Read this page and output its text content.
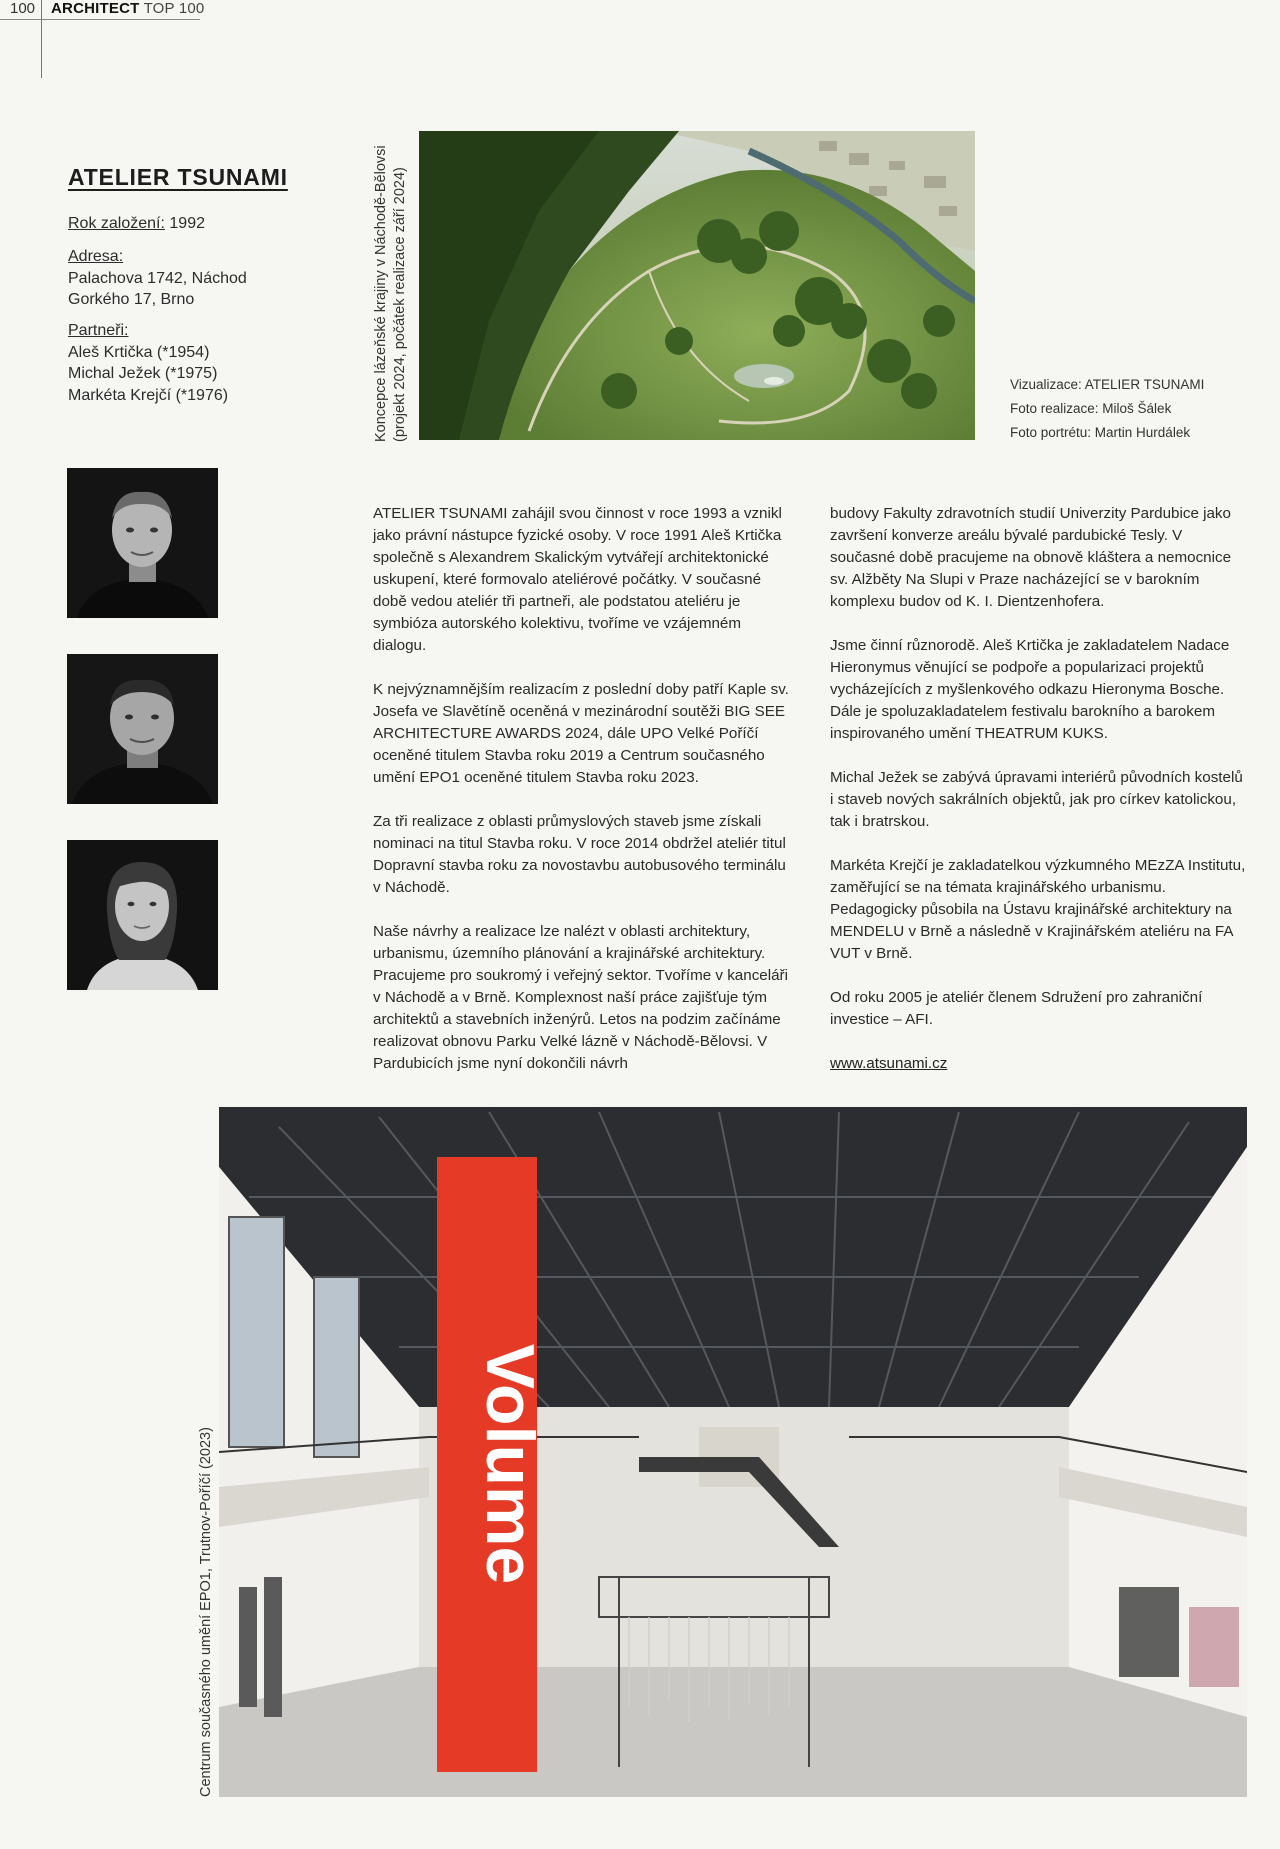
100 ARCHITECT TOP 100
ATELIER TSUNAMI
Rok založení: 1992
Adresa:
Palachova 1742, Náchod
Gorkého 17, Brno
Partneři:
Aleš Krtička (*1954)
Michal Ježek (*1975)
Markéta Krejčí (*1976)	Koncepce lázeňské krajiny v Náchodě-Bělovsi (projekt 2024, počátek realizace září 2024)	Vizualizace: ATELIER TSUNAMI
Foto realizace: Miloš Šálek
Foto portrétu: Martin Hurdálek

ATELIER TSUNAMI zahájil svou činnost v roce 1993 a vznikl jako právní nástupce fyzické osoby. V roce 1991 Aleš Krtička společně s Alexandrem Skalickým vytvářejí architektonické uskupení, které formovalo ateliérové počátky. V současné době vedou ateliér tři partneři, ale podstatou ateliéru je symbióza autorského kolektivu, tvoříme ve vzájemném dialogu.

K nejvýznamnějším realizacím z poslední doby patří Kaple sv. Josefa ve Slavětíně oceněná v mezinárodní soutěži BIG SEE ARCHITECTURE AWARDS 2024, dále UPO Velké Poříčí oceněné titulem Stavba roku 2019 a Centrum současného umění EPO1 oceněné titulem Stavba roku 2023.

Za tři realizace z oblasti průmyslových staveb jsme získali nominaci na titul Stavba roku. V roce 2014 obdržel ateliér titul Dopravní stavba roku za novostavbu autobusového terminálu v Náchodě.

Naše návrhy a realizace lze nalézt v oblasti architektury, urbanismu, územního plánování a krajinářské architektury. Pracujeme pro soukromý i veřejný sektor. Tvoříme v kanceláři v Náchodě a v Brně. Komplexnost naší práce zajišťuje tým architektů a stavebních inženýrů. Letos na podzim začínáme realizovat obnovu Parku Velké lázně v Náchodě-Bělovsi. V Pardubicích jsme nyní dokončili návrh

budovy Fakulty zdravotních studií Univerzity Pardubice jako završení konverze areálu bývalé pardubické Tesly. V současné době pracujeme na obnově kláštera a nemocnice sv. Alžběty Na Slupi v Praze nacházející se v barokním komplexu budov od K. I. Dientzenhofera.

Jsme činní různorodě. Aleš Krtička je zakladatelem Nadace Hieronymus věnující se podpoře a popularizaci projektů vycházejících z myšlenkového odkazu Hieronyma Bosche. Dále je spoluzakladatelem festivalu barokního a barokem inspirovaného umění THEATRUM KUKS.

Michal Ježek se zabývá úpravami interiérů původních kostelů i staveb nových sakrálních objektů, jak pro církev katolickou, tak i bratrskou.

Markéta Krejčí je zakladatelkou výzkumného MEzZA Institutu, zaměřující se na témata krajinářského urbanismu. Pedagogicky působila na Ústavu krajinářské architektury na MENDELU v Brně a následně v Krajinářském ateliéru na FA VUT v Brně.

Od roku 2005 je ateliér členem Sdružení pro zahraniční investice – AFI.

www.atsunami.cz

Centrum současného umění EPO1, Trutnov-Poříčí (2023)	Volume
